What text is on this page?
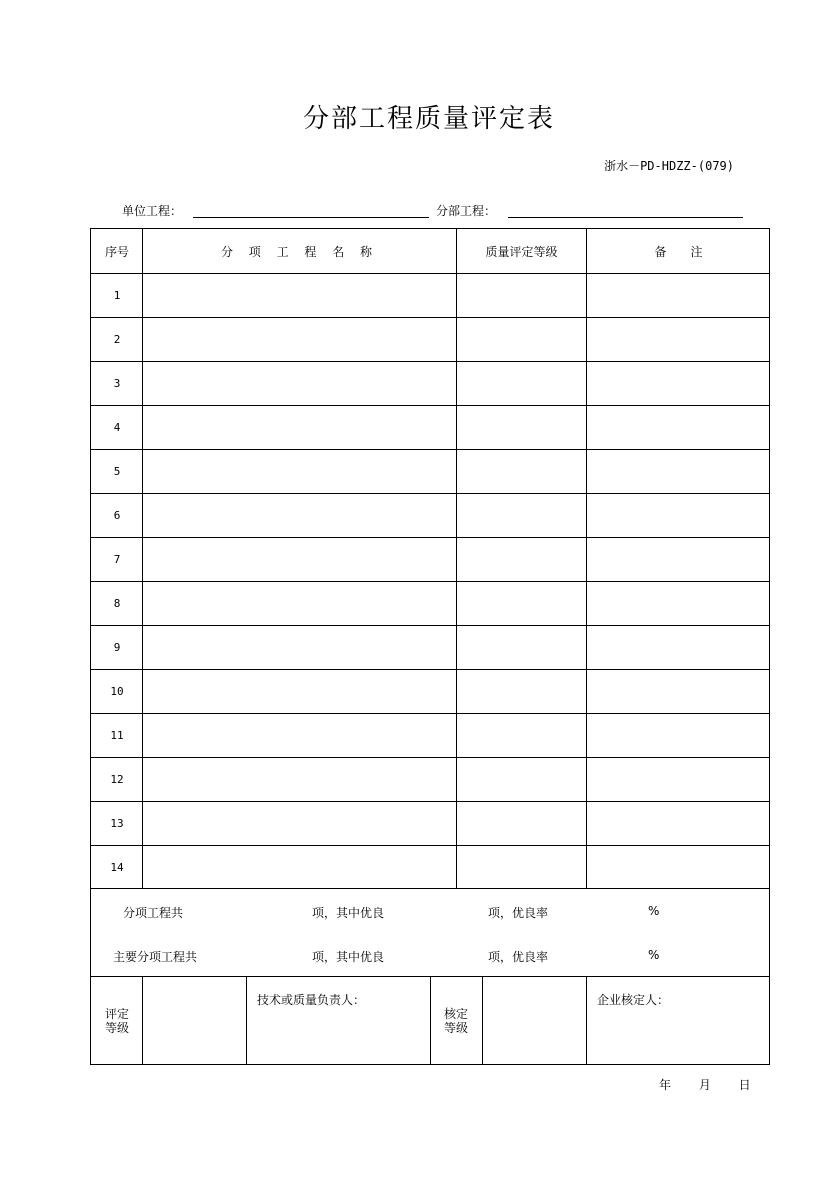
分部工程质量评定表
浙水－PD-HDZZ-(079)
单位工程：	分部工程：
序号	分 项 工 程 名 称	质量评定等级	备　　注
1
2
3
4
5
6
7
8
9
10
11
12
13
14
分项工程共	项，其中优良	项，优良率	%
主要分项工程共	项，其中优良	项，优良率	%
评定
等级
技术或质量负责人：
核定
等级
企业核定人：
年 月 日
